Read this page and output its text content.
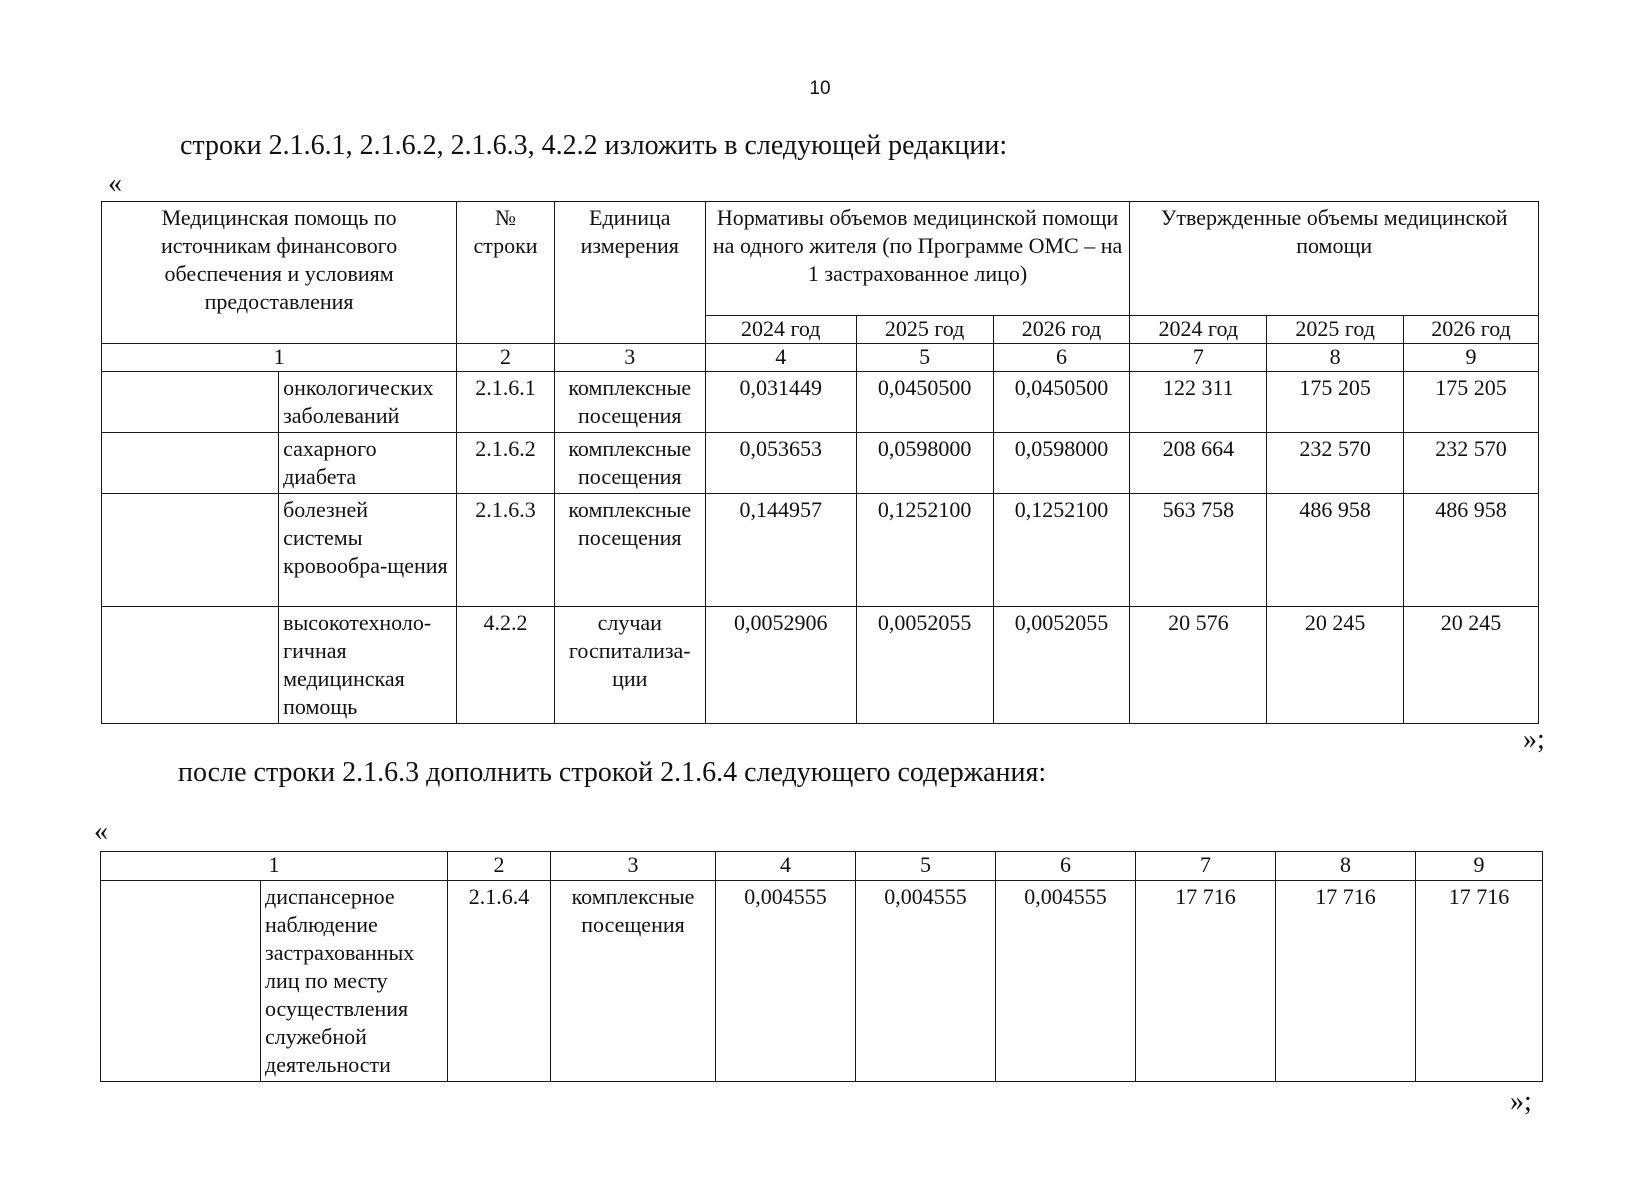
10
строки 2.1.6.1, 2.1.6.2, 2.1.6.3, 4.2.2 изложить в следующей редакции:
«
Медицинская помощь по источникам финансового обеспечения и условиям предоставления		№ строки	Единица измерения	Нормативы объемов медицинской помощи на одного жителя (по Программе ОМС – на 1 застрахованное лицо)			Утвержденные объемы медицинской помощи		
				2024 год	2025 год	2026 год	2024 год	2025 год	2026 год
1		2	3	4	5	6	7	8	9
	онкологических заболеваний	2.1.6.1	комплексные посещения	0,031449	0,0450500	0,0450500	122 311	175 205	175 205
	сахарного диабета	2.1.6.2	комплексные посещения	0,053653	0,0598000	0,0598000	208 664	232 570	232 570
	болезней системы кровообра-щения	2.1.6.3	комплексные посещения	0,144957	0,1252100	0,1252100	563 758	486 958	486 958
	высокотехноло-гичная медицинская помощь	4.2.2	случаи госпитализа-ции	0,0052906	0,0052055	0,0052055	20 576	20 245	20 245
»;
после строки 2.1.6.3 дополнить строкой 2.1.6.4 следующего содержания:
«
1		2	3	4	5	6	7	8	9
	диспансерное наблюдение застрахованных лиц по месту осуществления служебной деятельности	2.1.6.4	комплексные посещения	0,004555	0,004555	0,004555	17 716	17 716	17 716
»;
